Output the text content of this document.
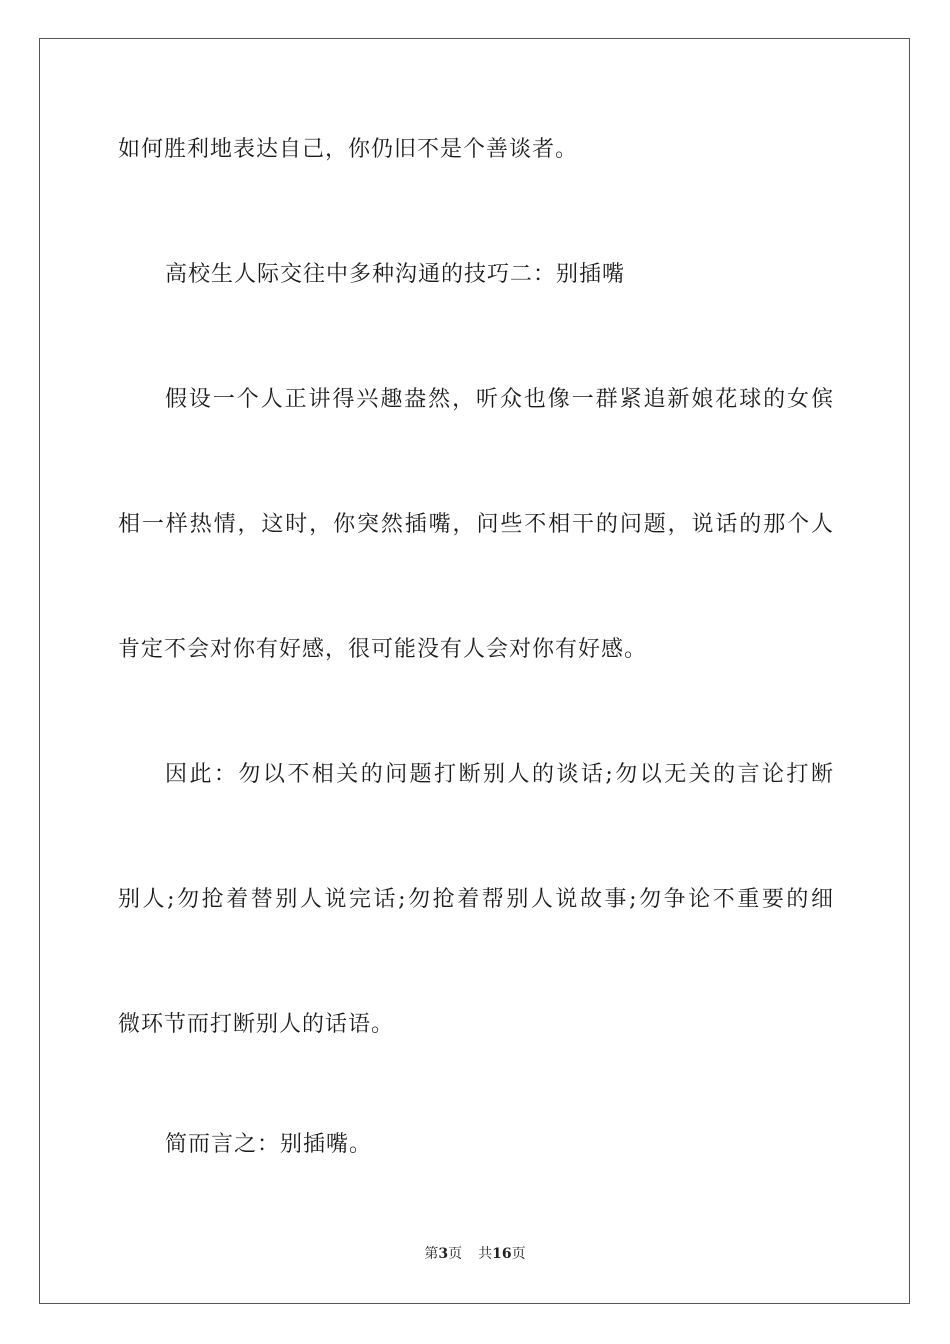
如何胜利地表达自己，你仍旧不是个善谈者。
高校生人际交往中多种沟通的技巧二：别插嘴
假设一个人正讲得兴趣盎然，听众也像一群紧追新娘花球的女傧
相一样热情，这时，你突然插嘴，问些不相干的问题，说话的那个人
肯定不会对你有好感，很可能没有人会对你有好感。
因此：勿以不相关的问题打断别人的谈话;勿以无关的言论打断
别人;勿抢着替别人说完话;勿抢着帮别人说故事;勿争论不重要的细
微环节而打断别人的话语。
简而言之：别插嘴。
第3页 共16页
